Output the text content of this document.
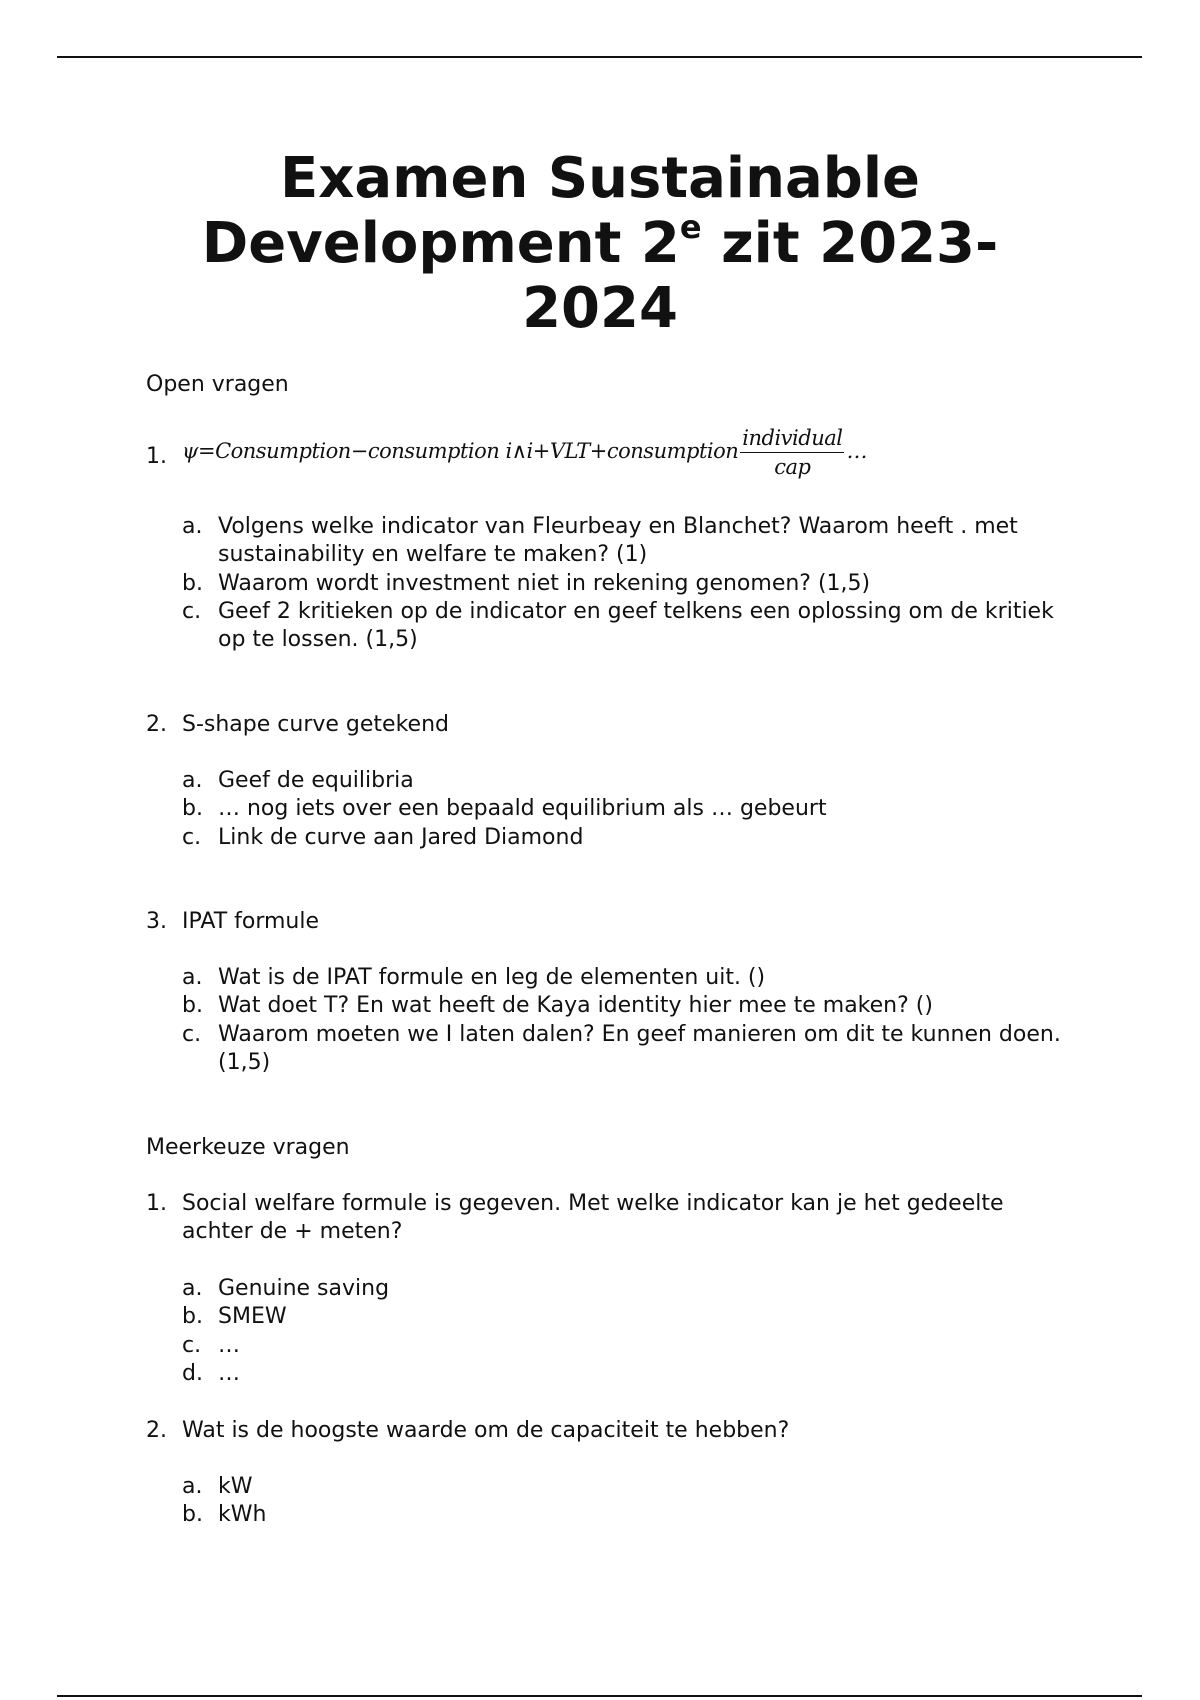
Examen Sustainable Development 2e zit 2023-2024

Open vragen

1. ψ=Consumption−consumption i∧i+VLT+consumption $\frac{\text{individual}}{\text{cap}}$ …
a. Volgens welke indicator van Fleurbeay en Blanchet? Waarom heeft . met sustainability en welfare te maken? (1)
b. Waarom wordt investment niet in rekening genomen? (1,5)
c. Geef 2 kritieken op de indicator en geef telkens een oplossing om de kritiek op te lossen. (1,5)
2. S-shape curve getekend
a. Geef de equilibria
b. … nog iets over een bepaald equilibrium als … gebeurt
c. Link de curve aan Jared Diamond
3. IPAT formule
a. Wat is de IPAT formule en leg de elementen uit. ()
b. Wat doet T? En wat heeft de Kaya identity hier mee te maken? ()
c. Waarom moeten we I laten dalen? En geef manieren om dit te kunnen doen. (1,5)

Meerkeuze vragen

1. Social welfare formule is gegeven. Met welke indicator kan je het gedeelte achter de + meten?
a. Genuine saving
b. SMEW
c. …
d. …
2. Wat is de hoogste waarde om de capaciteit te hebben?
a. kW
b. kWh
